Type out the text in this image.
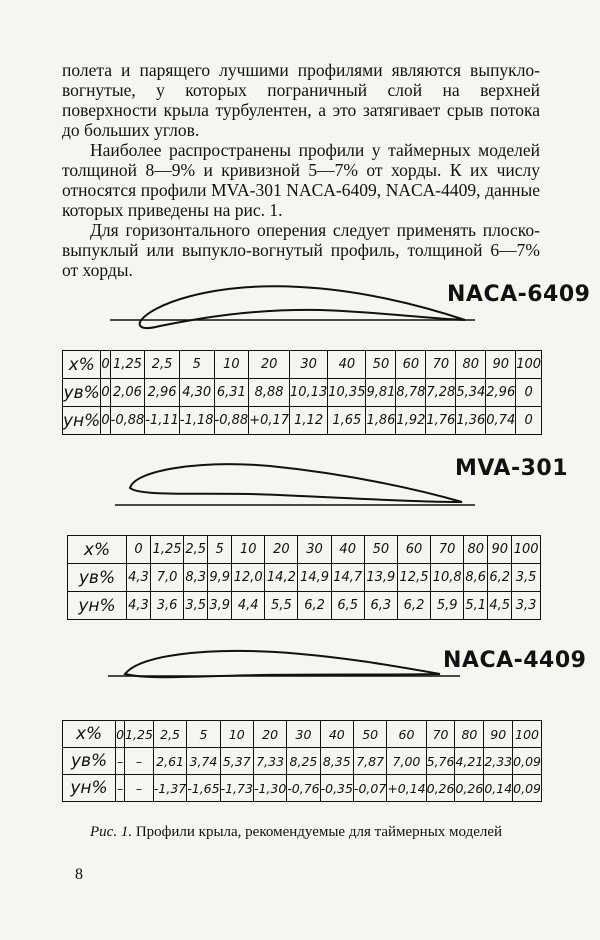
полета и парящего лучшими профилями являются выпукло-вогнутые, у которых пограничный слой на верхней поверхности крыла турбулентен, а это затягивает срыв потока до больших углов.

Наиболее распространены профили у таймерных моделей толщиной 8—9% и кривизной 5—7% от хорды. К их числу относятся профили MVA-301 NACA-6409, NACA-4409, данные которых приведены на рис. 1.

Для горизонтального оперения следует применять плоско-выпуклый или выпукло-вогнутый профиль, толщиной 6—7% от хорды.

NACA-6409
MVA-301
NACA-4409
x%	0	1,25	2,5	5	10	20	30	40	50	60	70	80	90	100
yв%	0	2,06	2,96	4,30	6,31	8,88	10,13	10,35	9,81	8,78	7,28	5,34	2,96	0
yн%	0	-0,88	-1,11	-1,18	-0,88	+0,17	1,12	1,65	1,86	1,92	1,76	1,36	0,74	0
x%	0	1,25	2,5	5	10	20	30	40	50	60	70	80	90	100
yв%	4,3	7,0	8,3	9,9	12,0	14,2	14,9	14,7	13,9	12,5	10,8	8,6	6,2	3,5
yн%	4,3	3,6	3,5	3,9	4,4	5,5	6,2	6,5	6,3	6,2	5,9	5,1	4,5	3,3
x%	0	1,25	2,5	5	10	20	30	40	50	60	70	80	90	100
yв%	–	–	2,61	3,74	5,37	7,33	8,25	8,35	7,87	7,00	5,76	4,21	2,33	0,09
yн%	–	–	-1,37	-1,65	-1,73	-1,30	-0,76	-0,35	-0,07	+0,14	0,26	0,26	0,14	0,09
Рис. 1. Профили крыла, рекомендуемые для таймерных моделей
8
